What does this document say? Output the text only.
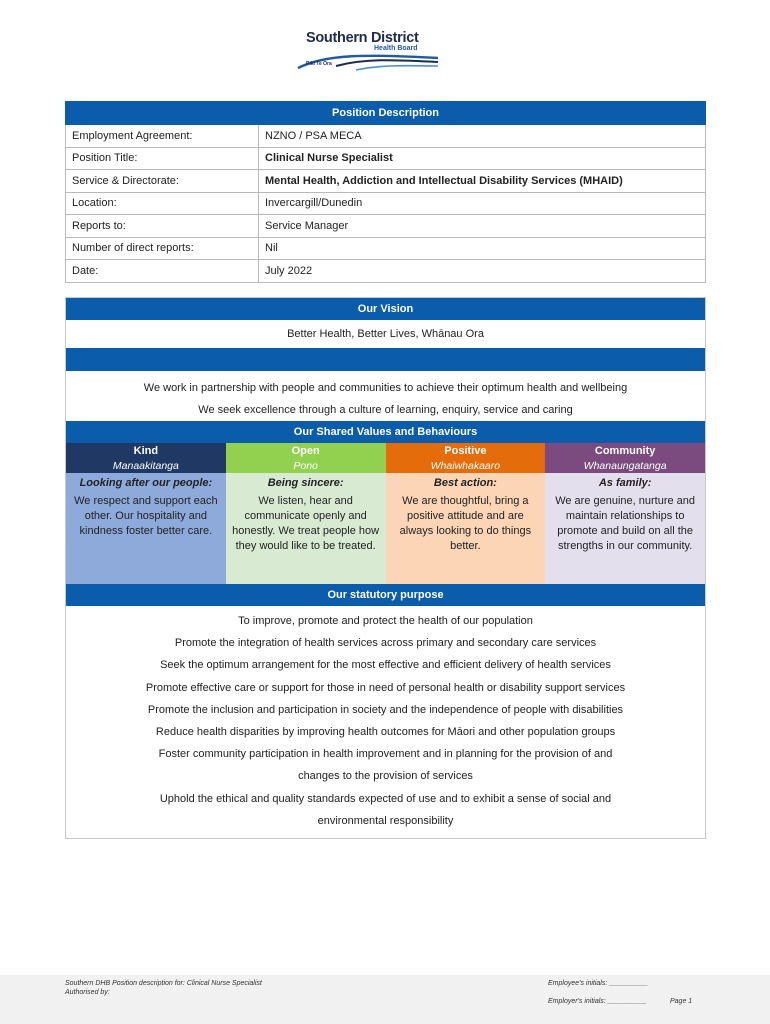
Southern District
Health Board
Piki Te Ora
Position Description	
Employment Agreement:	NZNO / PSA MECA
Position Title:	Clinical Nurse Specialist
Service & Directorate:	Mental Health, Addiction and Intellectual Disability Services (MHAID)
Location:	Invercargill/Dunedin
Reports to:	Service Manager
Number of direct reports:	Nil
Date:	July 2022
Our Vision
Better Health, Better Lives, Whānau Ora
We work in partnership with people and communities to achieve their optimum health and wellbeing
We seek excellence through a culture of learning, enquiry, service and caring
Our Shared Values and Behaviours
Kind
Manaakitanga
Looking after our people:
We respect and support each other. Our hospitality and kindness foster better care.
Open
Pono
Being sincere:
We listen, hear and communicate openly and honestly. We treat people how they would like to be treated.
Positive
Whaiwhakaaro
Best action:
We are thoughtful, bring a positive attitude and are always looking to do things better.
Community
Whanaungatanga
As family:
We are genuine, nurture and maintain relationships to promote and build on all the strengths in our community.
Our statutory purpose
To improve, promote and protect the health of our population
Promote the integration of health services across primary and secondary care services
Seek the optimum arrangement for the most effective and efficient delivery of health services
Promote effective care or support for those in need of personal health or disability support services
Promote the inclusion and participation in society and the independence of people with disabilities
Reduce health disparities by improving health outcomes for Māori and other population groups
Foster community participation in health improvement and in planning for the provision of and
changes to the provision of services
Uphold the ethical and quality standards expected of use and to exhibit a sense of social and
environmental responsibility
Southern DHB Position description for: Clinical Nurse Specialist
Authorised by:
Employee's initials: __________
Employer's initials: __________	Page 1
